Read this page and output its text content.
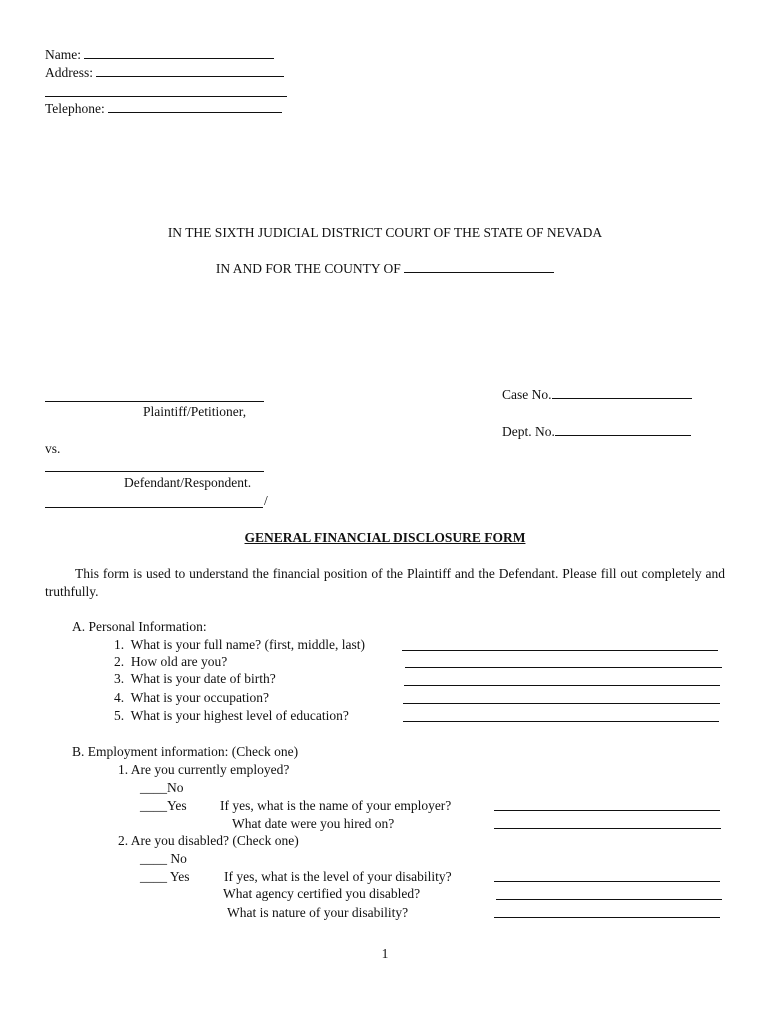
Name:
Address:
Telephone:
IN THE SIXTH JUDICIAL DISTRICT COURT OF THE STATE OF NEVADA
IN AND FOR THE COUNTY OF
Plaintiff/Petitioner,
vs.
Defendant/Respondent.
/
Case No.
Dept. No.
GENERAL FINANCIAL DISCLOSURE FORM
This form is used to understand the financial position of the Plaintiff and the Defendant. Please fill out completely and truthfully.
A. Personal Information:
1. What is your full name? (first, middle, last)
2. How old are you?
3. What is your date of birth?
4. What is your occupation?
5. What is your highest level of education?
B. Employment information: (Check one)
1. Are you currently employed?
____No
____Yes If yes, what is the name of your employer?
What date were you hired on?
2. Are you disabled? (Check one)
____ No
____ Yes	If yes, what is the level of your disability?
What agency certified you disabled?
What is nature of your disability?
1
